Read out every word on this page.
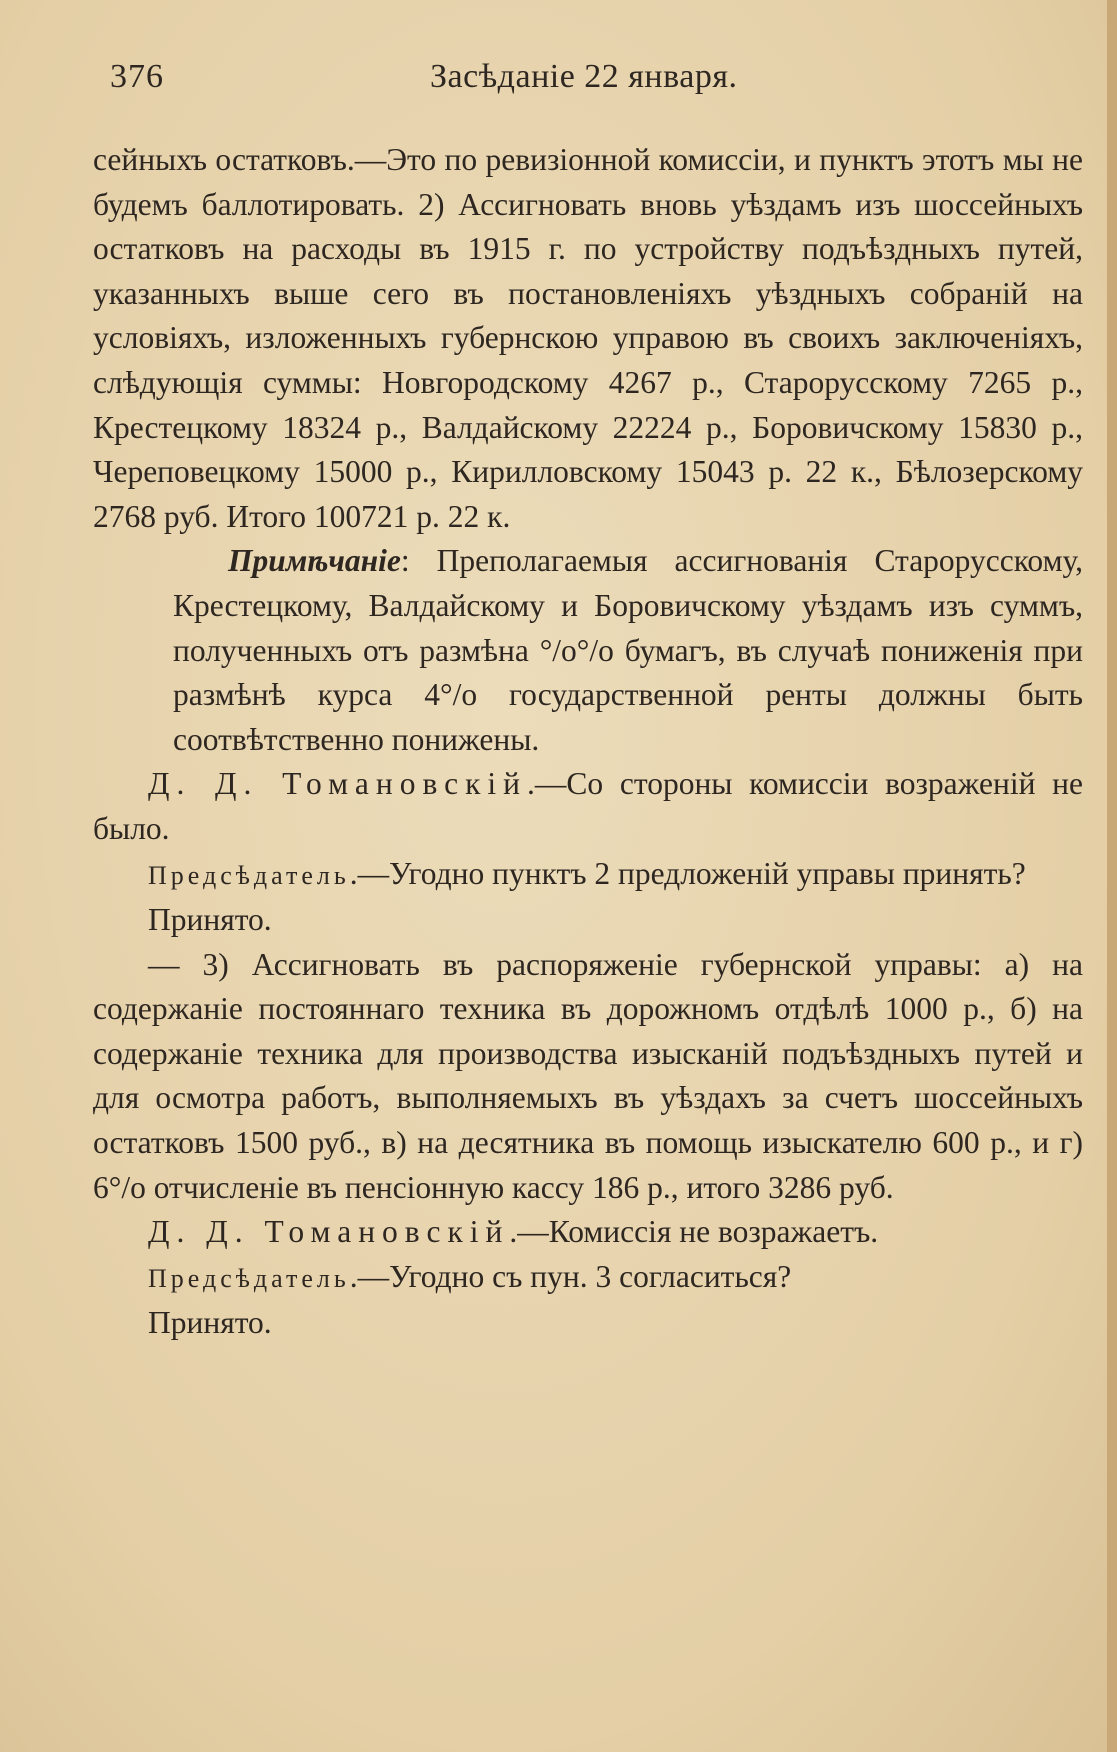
376	Засѣданіе 22 января.

сейныхъ остатковъ.—Это по ревизіонной комиссіи, и пунктъ этотъ мы не будемъ баллотировать. 2) Ассигновать вновь уѣздамъ изъ шоссейныхъ остатковъ на расходы въ 1915 г. по устройству подъѣздныхъ путей, указанныхъ выше сего въ постановленіяхъ уѣздныхъ собраній на условіяхъ, изложенныхъ губернскою управою въ своихъ заключеніяхъ, слѣдующія суммы: Новгородскому 4267 р., Старорусскому 7265 р., Крестецкому 18324 р., Валдайскому 22224 р., Боровичскому 15830 р., Череповецкому 15000 р., Кирилловскому 15043 р. 22 к., Бѣлозерскому 2768 руб. Итого 100721 р. 22 к.

Примѣчаніе: Преполагаемыя ассигнованія Старорусскому, Крестецкому, Валдайскому и Боровичскому уѣздамъ изъ суммъ, полученныхъ отъ размѣна °/о°/о бумагъ, въ случаѣ пониженія при размѣнѣ курса 4°/о государственной ренты должны быть соотвѣтственно понижены.

Д. Д. Томановскій.—Со стороны комиссіи возраженій не было.

Предсѣдатель.—Угодно пунктъ 2 предложеній управы принять?

Принято.

— 3) Ассигновать въ распоряженіе губернской управы: а) на содержаніе постояннаго техника въ дорожномъ отдѣлѣ 1000 р., б) на содержаніе техника для производства изысканій подъѣздныхъ путей и для осмотра работъ, выполняемыхъ въ уѣздахъ за счетъ шоссейныхъ остатковъ 1500 руб., в) на десятника въ помощь изыскателю 600 р., и г) 6°/о отчисленіе въ пенсіонную кассу 186 р., итого 3286 руб.

Д. Д. Томановскій.—Комиссія не возражаетъ.

Предсѣдатель.—Угодно съ пун. 3 согласиться?

Принято.
